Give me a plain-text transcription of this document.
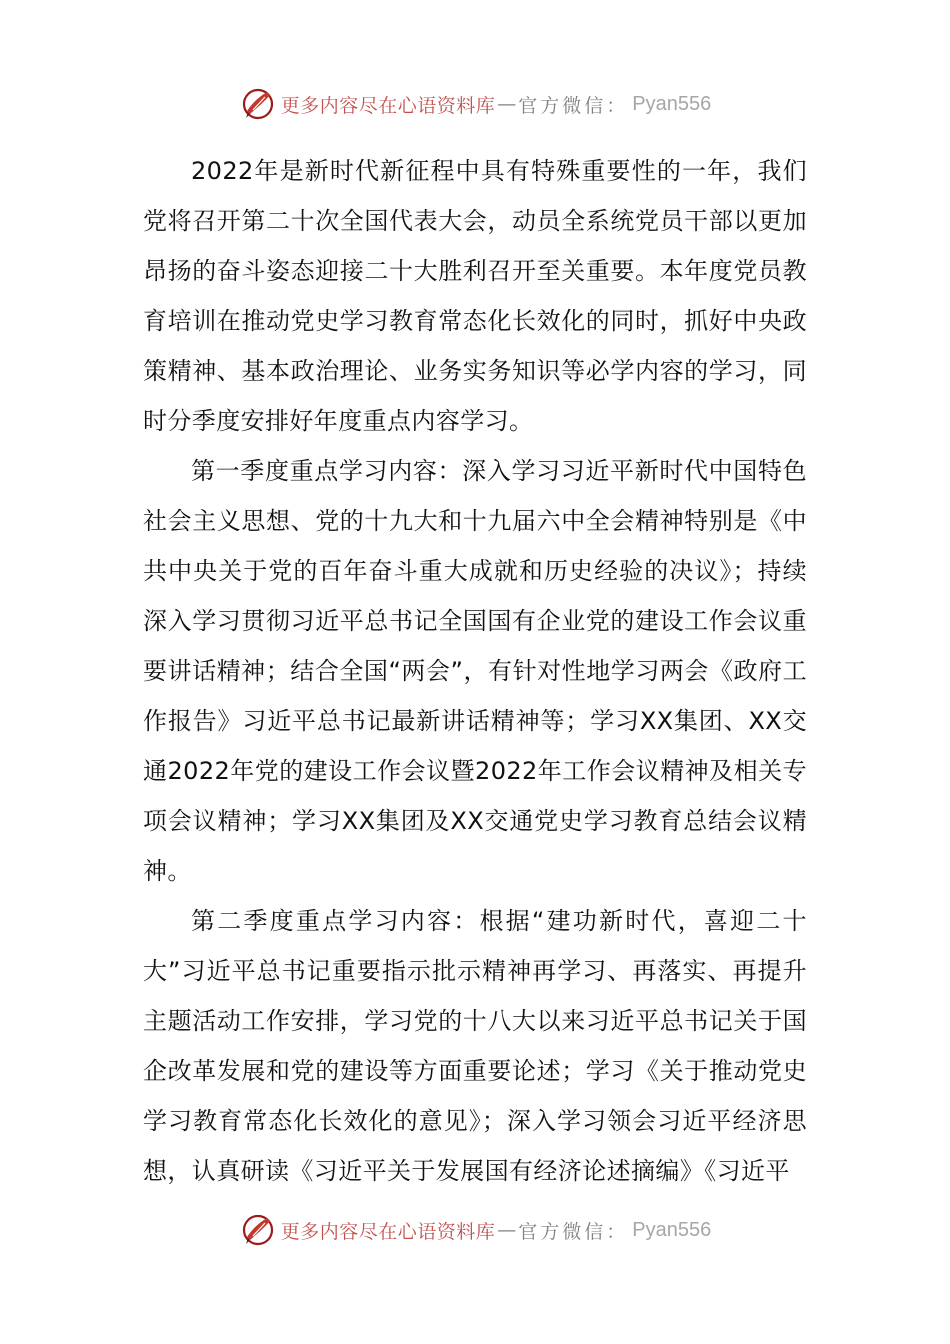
更多内容尽在心语资料库 — 官方微信： Pyan556

2022年是新时代新征程中具有特殊重要性的一年，我们党将召开第二十次全国代表大会，动员全系统党员干部以更加昂扬的奋斗姿态迎接二十大胜利召开至关重要。本年度党员教育培训在推动党史学习教育常态化长效化的同时，抓好中央政策精神、基本政治理论、业务实务知识等必学内容的学习，同时分季度安排好年度重点内容学习。

第一季度重点学习内容：深入学习习近平新时代中国特色社会主义思想、党的十九大和十九届六中全会精神特别是《中共中央关于党的百年奋斗重大成就和历史经验的决议》；持续深入学习贯彻习近平总书记全国国有企业党的建设工作会议重要讲话精神；结合全国“两会”，有针对性地学习两会《政府工作报告》习近平总书记最新讲话精神等；学习XX集团、XX交通2022年党的建设工作会议暨2022年工作会议精神及相关专项会议精神；学习XX集团及XX交通党史学习教育总结会议精神。

第二季度重点学习内容：根据“建功新时代，喜迎二十大”习近平总书记重要指示批示精神再学习、再落实、再提升主题活动工作安排，学习党的十八大以来习近平总书记关于国企改革发展和党的建设等方面重要论述；学习《关于推动党史学习教育常态化长效化的意见》；深入学习领会习近平经济思想，认真研读《习近平关于发展国有经济论述摘编》《习近平

更多内容尽在心语资料库 — 官方微信： Pyan556
